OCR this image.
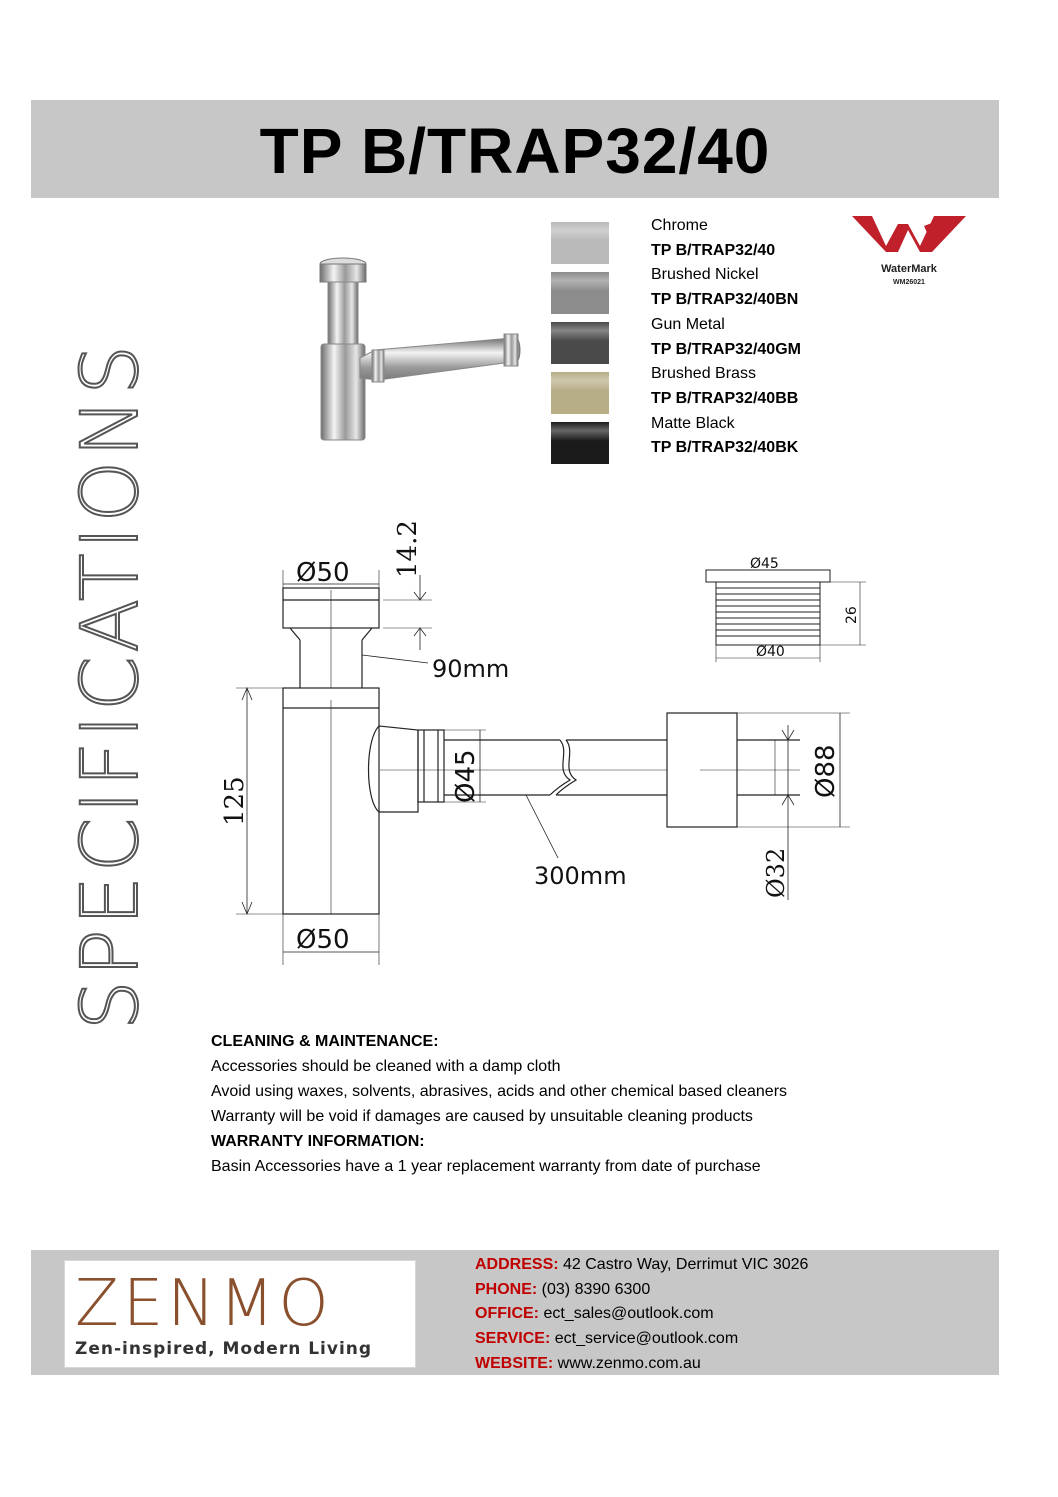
TP B/TRAP32/40
Chrome
TP B/TRAP32/40
Brushed Nickel
TP B/TRAP32/40BN
Gun Metal
TP B/TRAP32/40GM
Brushed Brass
TP B/TRAP32/40BB
Matte Black
TP B/TRAP32/40BK
WaterMark
WM26021
SPECIFICATIONS	Ø50 14.2
90mm
125	Ø45
300mm
Ø88
Ø32
Ø50
Ø45
26
Ø40
CLEANING & MAINTENANCE:
Accessories should be cleaned with a damp cloth
Avoid using waxes, solvents, abrasives, acids and other chemical based cleaners
Warranty will be void if damages are caused by unsuitable cleaning products
WARRANTY INFORMATION:
Basin Accessories have a 1 year replacement warranty from date of purchase
ZENMO
Zen-inspired, Modern Living
ADDRESS: 42 Castro Way, Derrimut VIC 3026
PHONE: (03) 8390 6300
OFFICE: ect_sales@outlook.com
SERVICE: ect_service@outlook.com
WEBSITE: www.zenmo.com.au
